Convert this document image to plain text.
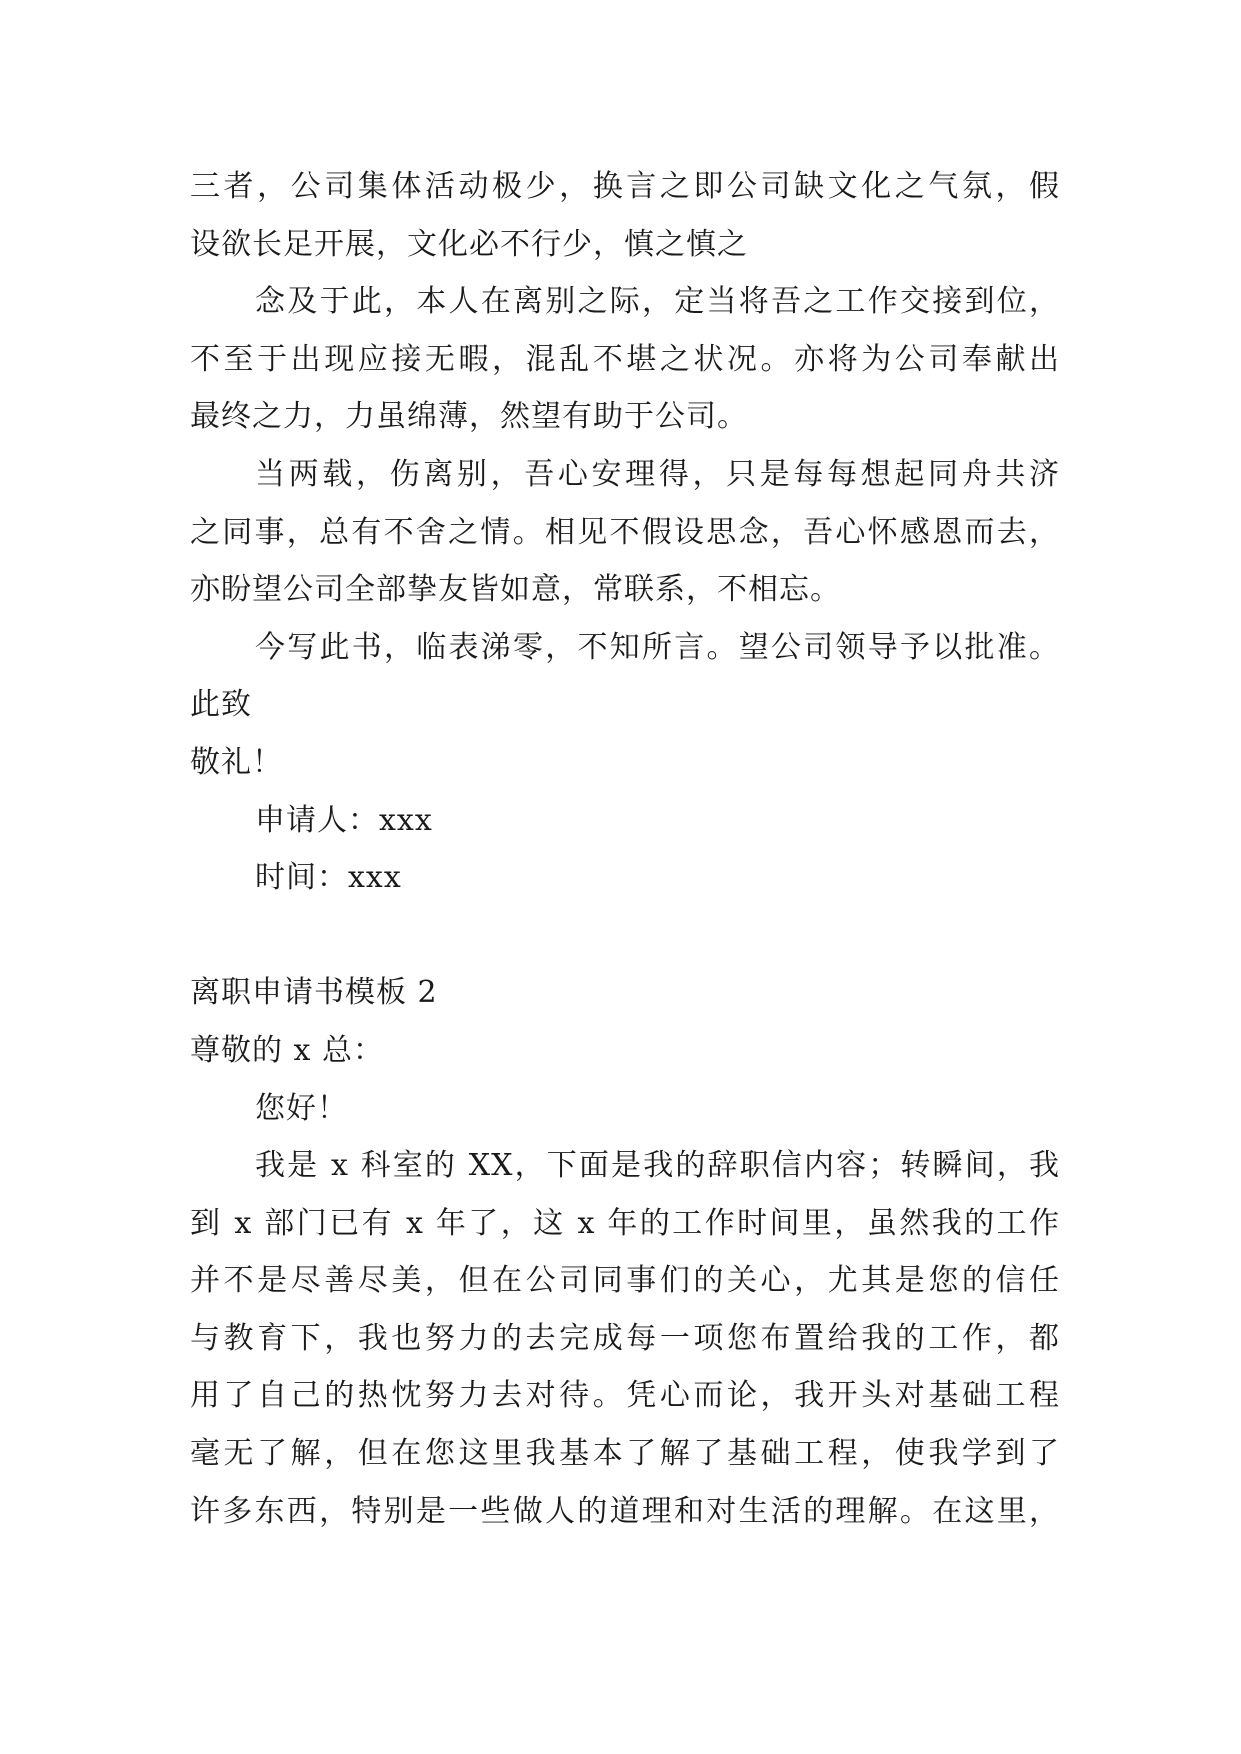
三者，公司集体活动极少，换言之即公司缺文化之气氛，假
设欲长足开展，文化必不行少，慎之慎之
念及于此，本人在离别之际，定当将吾之工作交接到位，
不至于出现应接无暇，混乱不堪之状况。亦将为公司奉献出
最终之力，力虽绵薄，然望有助于公司。
当两载，伤离别，吾心安理得，只是每每想起同舟共济
之同事，总有不舍之情。相见不假设思念，吾心怀感恩而去，
亦盼望公司全部挚友皆如意，常联系，不相忘。
今写此书，临表涕零，不知所言。望公司领导予以批准。
此致
敬礼！
申请人：xxx
时间：xxx
离职申请书模板 2
尊敬的 x 总：
您好！
我是 x 科室的 XX，下面是我的辞职信内容；转瞬间，我
到 x 部门已有 x 年了，这 x 年的工作时间里，虽然我的工作
并不是尽善尽美，但在公司同事们的关心，尤其是您的信任
与教育下，我也努力的去完成每一项您布置给我的工作，都
用了自己的热忱努力去对待。凭心而论，我开头对基础工程
毫无了解，但在您这里我基本了解了基础工程，使我学到了
许多东西，特别是一些做人的道理和对生活的理解。在这里，
